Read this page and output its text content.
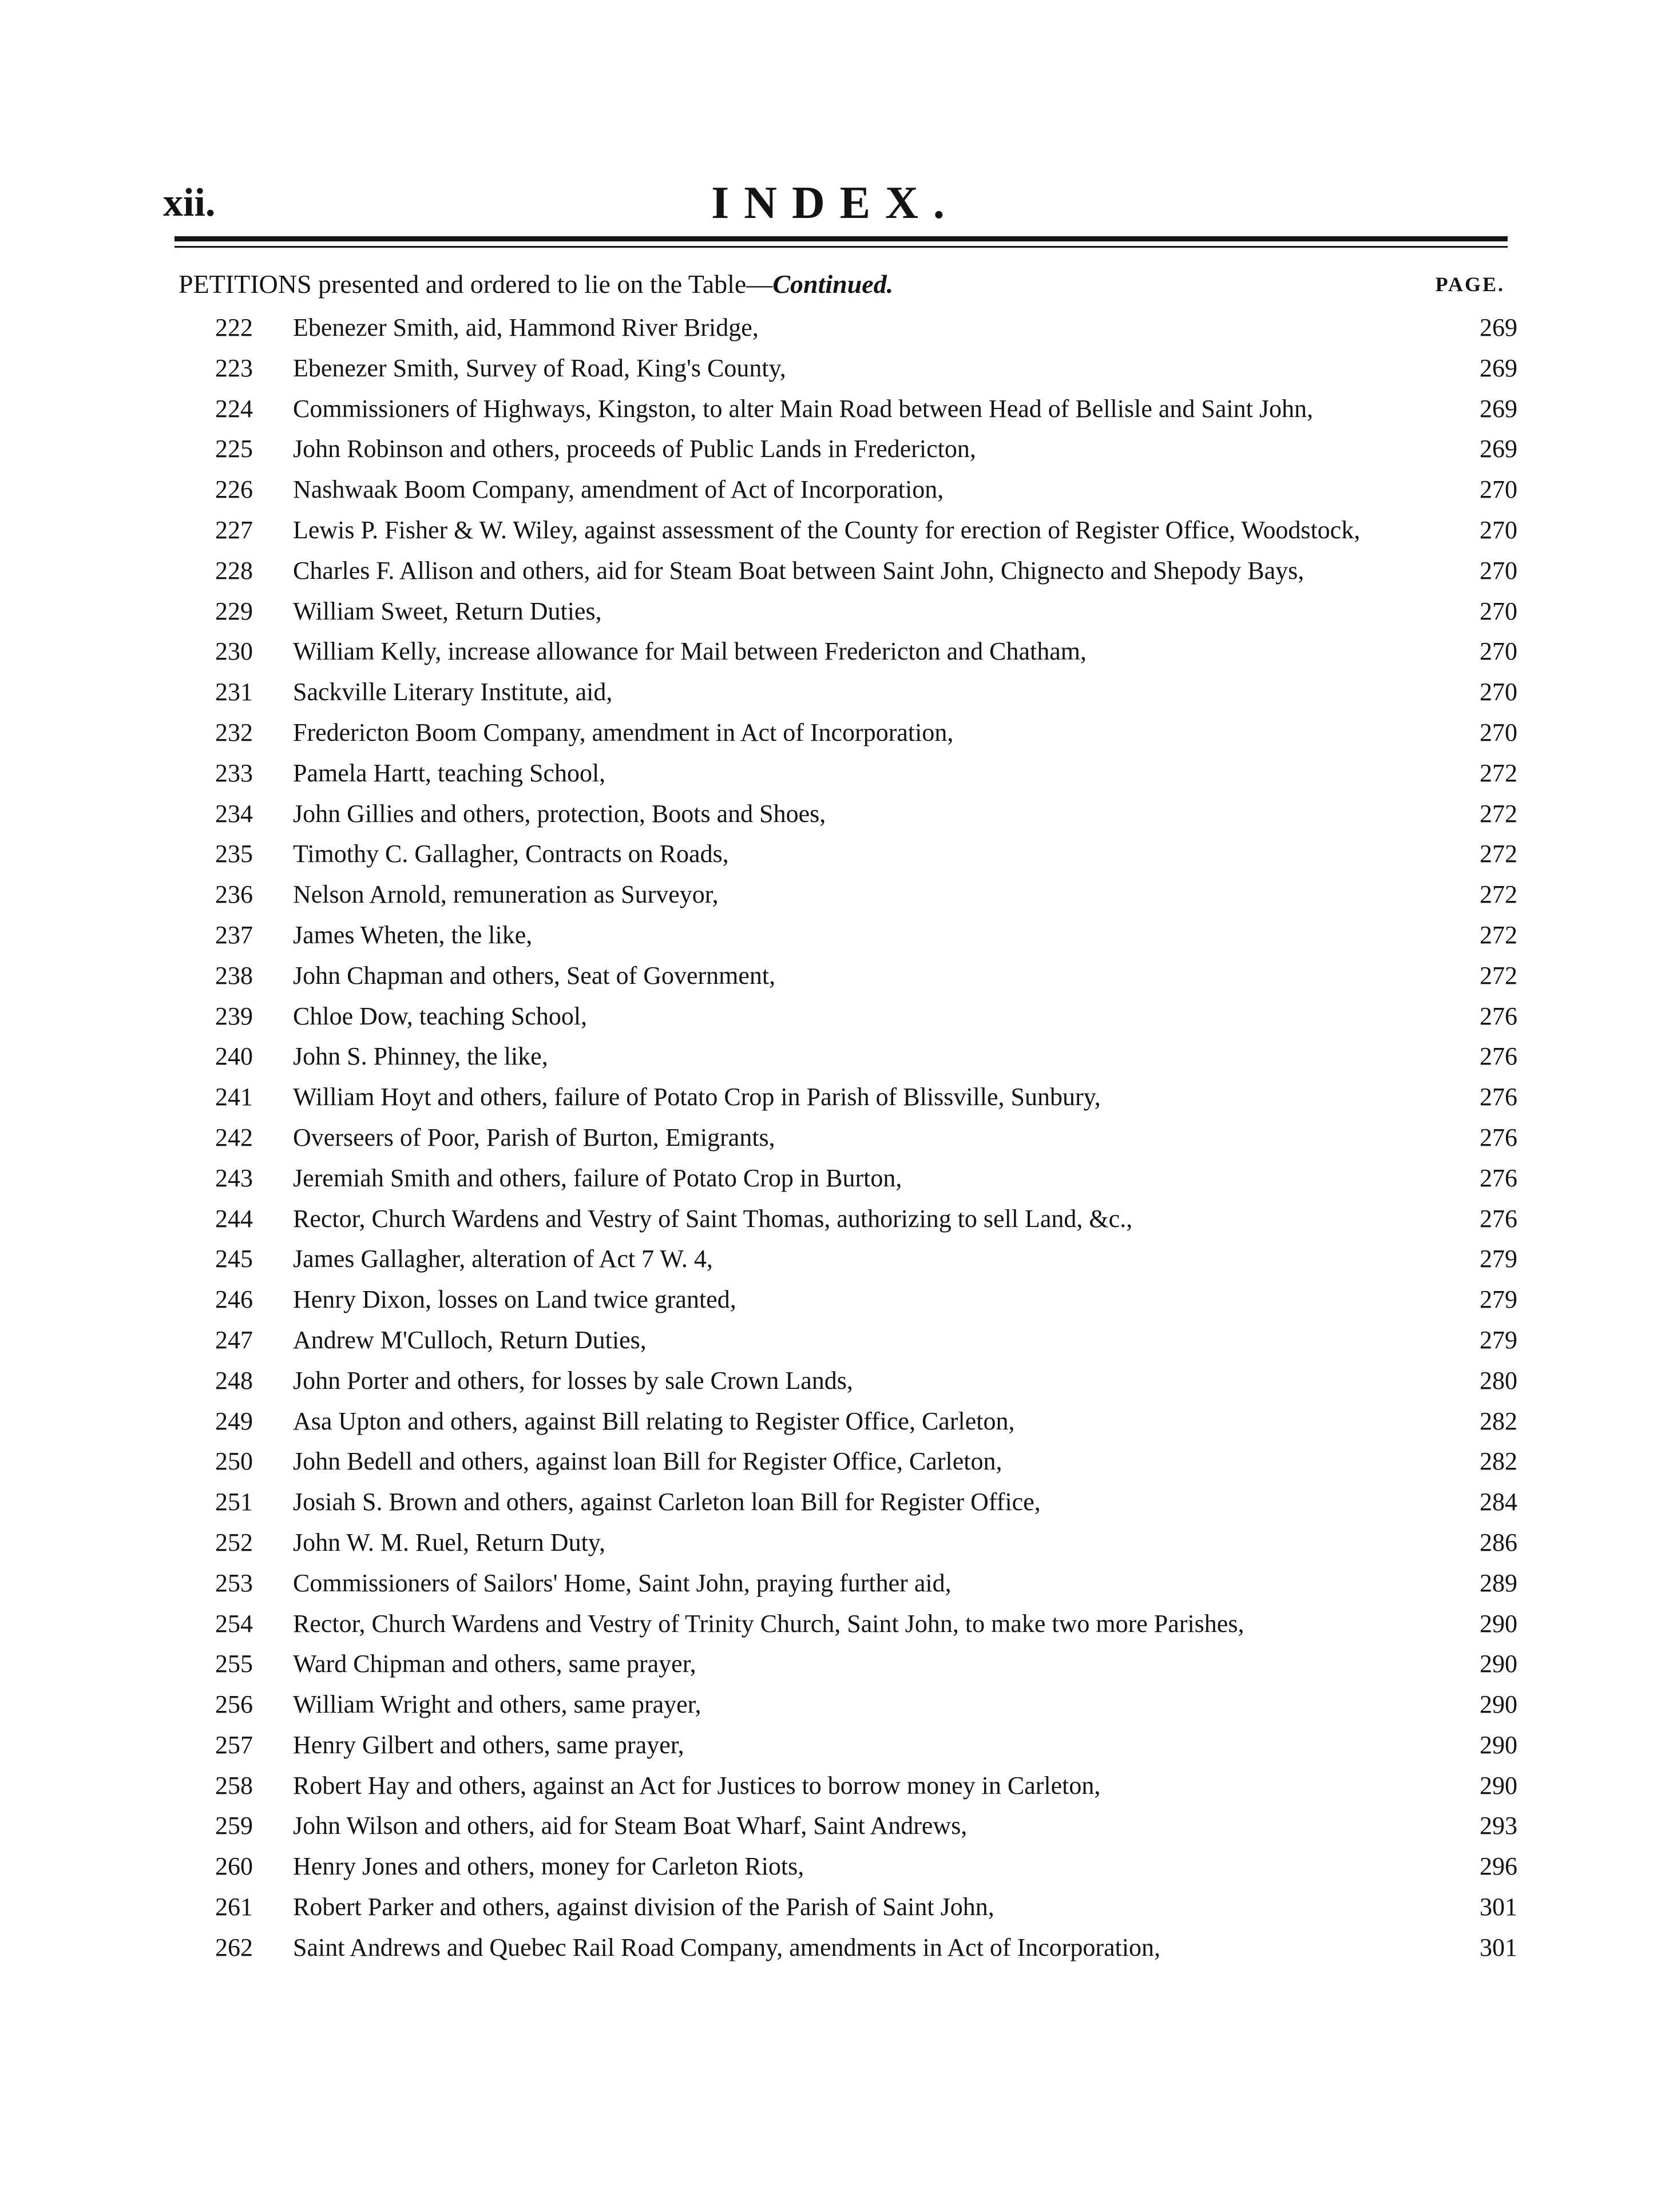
xii.	INDEX.
PETITIONS presented and ordered to lie on the Table—Continued.	PAGE.
222 Ebenezer Smith, aid, Hammond River Bridge,	269
223 Ebenezer Smith, Survey of Road, King's County,	269
224 Commissioners of Highways, Kingston, to alter Main Road between Head of Bellisle and Saint John,	269
225 John Robinson and others, proceeds of Public Lands in Fredericton,	269
226 Nashwaak Boom Company, amendment of Act of Incorporation,	270
227 Lewis P. Fisher & W. Wiley, against assessment of the County for erection of Register Office, Woodstock,	270
228 Charles F. Allison and others, aid for Steam Boat between Saint John, Chignecto and Shepody Bays,	270
229 William Sweet, Return Duties,	270
230 William Kelly, increase allowance for Mail between Fredericton and Chatham,	270
231 Sackville Literary Institute, aid,	270
232 Fredericton Boom Company, amendment in Act of Incorporation,	270
233 Pamela Hartt, teaching School,	272
234 John Gillies and others, protection, Boots and Shoes,	272
235 Timothy C. Gallagher, Contracts on Roads,	272
236 Nelson Arnold, remuneration as Surveyor,	272
237 James Wheten, the like,	272
238 John Chapman and others, Seat of Government,	272
239 Chloe Dow, teaching School,	276
240 John S. Phinney, the like,	276
241 William Hoyt and others, failure of Potato Crop in Parish of Blissville, Sunbury,	276
242 Overseers of Poor, Parish of Burton, Emigrants,	276
243 Jeremiah Smith and others, failure of Potato Crop in Burton,	276
244 Rector, Church Wardens and Vestry of Saint Thomas, authorizing to sell Land, &c.,	276
245 James Gallagher, alteration of Act 7 W. 4,	279
246 Henry Dixon, losses on Land twice granted,	279
247 Andrew M'Culloch, Return Duties,	279
248 John Porter and others, for losses by sale Crown Lands,	280
249 Asa Upton and others, against Bill relating to Register Office, Carleton,	282
250 John Bedell and others, against loan Bill for Register Office, Carleton,	282
251 Josiah S. Brown and others, against Carleton loan Bill for Register Office,	284
252 John W. M. Ruel, Return Duty,	286
253 Commissioners of Sailors' Home, Saint John, praying further aid,	289
254 Rector, Church Wardens and Vestry of Trinity Church, Saint John, to make two more Parishes,	290
255 Ward Chipman and others, same prayer,	290
256 William Wright and others, same prayer,	290
257 Henry Gilbert and others, same prayer,	290
258 Robert Hay and others, against an Act for Justices to borrow money in Carleton,	290
259 John Wilson and others, aid for Steam Boat Wharf, Saint Andrews,	293
260 Henry Jones and others, money for Carleton Riots,	296
261 Robert Parker and others, against division of the Parish of Saint John,	301
262 Saint Andrews and Quebec Rail Road Company, amendments in Act of Incorporation,	301
